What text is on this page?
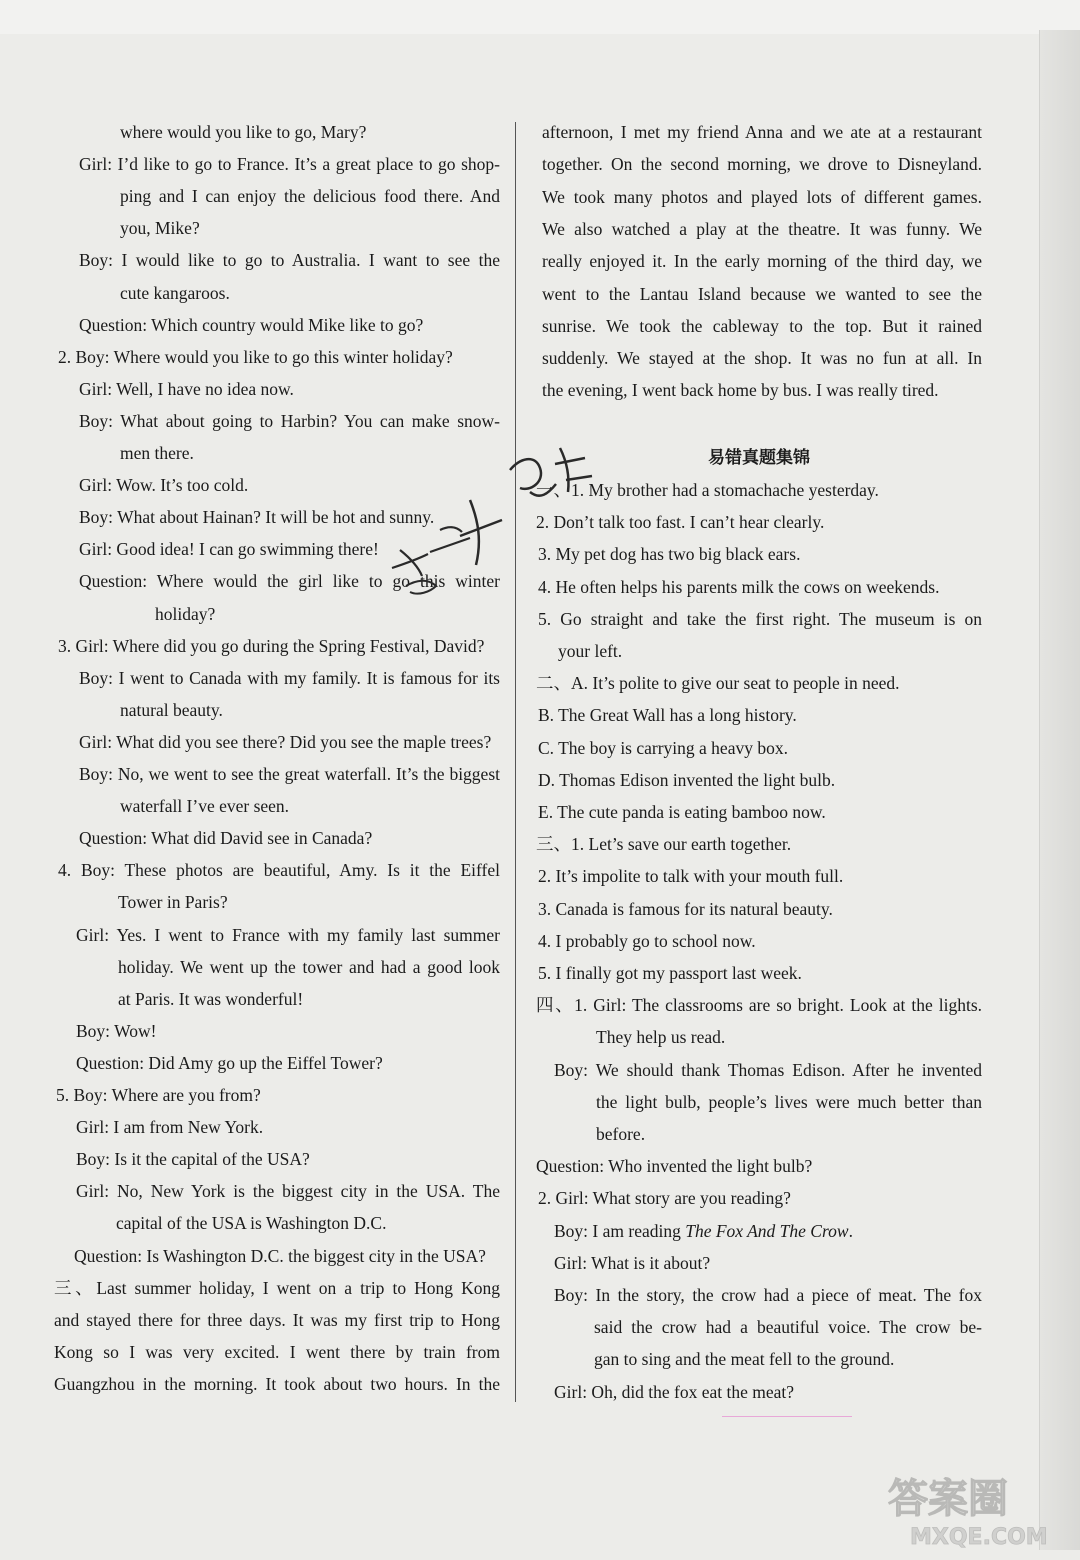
where would you like to go, Mary?
Girl: I’d like to go to France. It’s a great place to go shop-
ping and I can enjoy the delicious food there. And
you, Mike?
Boy: I would like to go to Australia. I want to see the
cute kangaroos.
Question: Which country would Mike like to go?
2. Boy: Where would you like to go this winter holiday?
Girl: Well, I have no idea now.
Boy: What about going to Harbin? You can make snow-
men there.
Girl: Wow. It’s too cold.
Boy: What about Hainan? It will be hot and sunny.
Girl: Good idea! I can go swimming there!
Question: Where would the girl like to go this winter
holiday?
3. Girl: Where did you go during the Spring Festival, David?
Boy: I went to Canada with my family. It is famous for its
natural beauty.
Girl: What did you see there? Did you see the maple trees?
Boy: No, we went to see the great waterfall. It’s the biggest
waterfall I’ve ever seen.
Question: What did David see in Canada?
4. Boy: These photos are beautiful, Amy. Is it the Eiffel
Tower in Paris?
Girl: Yes. I went to France with my family last summer
holiday. We went up the tower and had a good look
at Paris. It was wonderful!
Boy: Wow!
Question: Did Amy go up the Eiffel Tower?
5. Boy: Where are you from?
Girl: I am from New York.
Boy: Is it the capital of the USA?
Girl: No, New York is the biggest city in the USA. The
capital of the USA is Washington D.C.
Question: Is Washington D.C. the biggest city in the USA?
三、Last summer holiday, I went on a trip to Hong Kong
and stayed there for three days. It was my first trip to Hong
Kong so I was very excited. I went there by train from
Guangzhou in the morning. It took about two hours. In the
afternoon, I met my friend Anna and we ate at a restaurant
together. On the second morning, we drove to Disneyland.
We took many photos and played lots of different games.
We also watched a play at the theatre. It was funny. We
really enjoyed it. In the early morning of the third day, we
went to the Lantau Island because we wanted to see the
sunrise. We took the cableway to the top. But it rained
suddenly. We stayed at the shop. It was no fun at all. In
the evening, I went back home by bus. I was really tired.
易错真题集锦
一、1. My brother had a stomachache yesterday.
2. Don’t talk too fast. I can’t hear clearly.
3. My pet dog has two big black ears.
4. He often helps his parents milk the cows on weekends.
5. Go straight and take the first right. The museum is on
your left.
二、A. It’s polite to give our seat to people in need.
B. The Great Wall has a long history.
C. The boy is carrying a heavy box.
D. Thomas Edison invented the light bulb.
E. The cute panda is eating bamboo now.
三、1. Let’s save our earth together.
2. It’s impolite to talk with your mouth full.
3. Canada is famous for its natural beauty.
4. I probably go to school now.
5. I finally got my passport last week.
四、1. Girl: The classrooms are so bright. Look at the lights.
They help us read.
Boy: We should thank Thomas Edison. After he invented
the light bulb, people’s lives were much better than
before.
Question: Who invented the light bulb?
2. Girl: What story are you reading?
Boy: I am reading The Fox And The Crow.
Girl: What is it about?
Boy: In the story, the crow had a piece of meat. The fox
said the crow had a beautiful voice. The crow be-
gan to sing and the meat fell to the ground.
Girl: Oh, did the fox eat the meat?
答案圈
MXQE.COM
